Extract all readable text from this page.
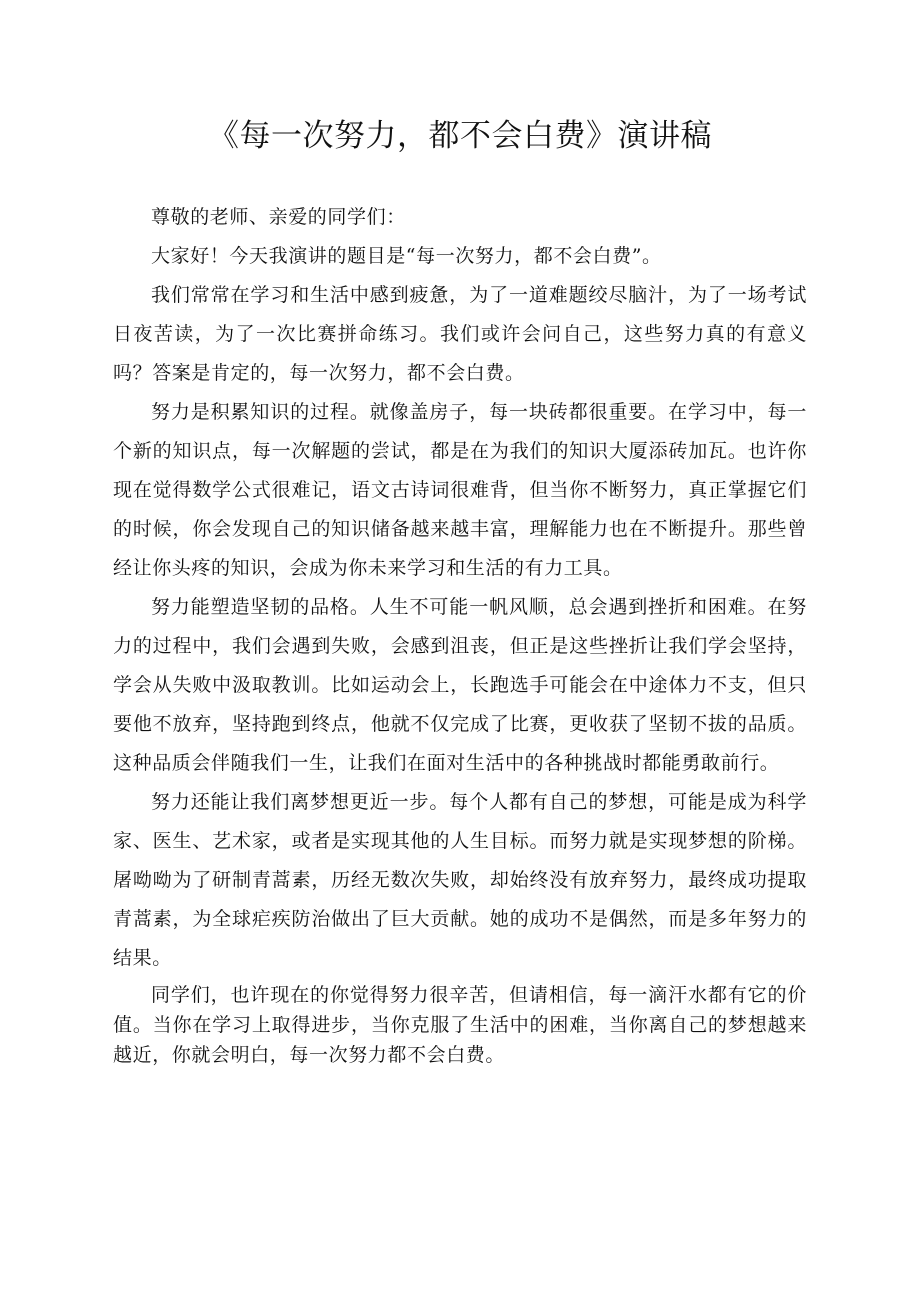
《每一次努力，都不会白费》演讲稿

尊敬的老师、亲爱的同学们：

大家好！今天我演讲的题目是“每一次努力，都不会白费”。

我们常常在学习和生活中感到疲惫，为了一道难题绞尽脑汁，为了一场考试日夜苦读，为了一次比赛拼命练习。我们或许会问自己，这些努力真的有意义吗？答案是肯定的，每一次努力，都不会白费。

努力是积累知识的过程。就像盖房子，每一块砖都很重要。在学习中，每一个新的知识点，每一次解题的尝试，都是在为我们的知识大厦添砖加瓦。也许你现在觉得数学公式很难记，语文古诗词很难背，但当你不断努力，真正掌握它们的时候，你会发现自己的知识储备越来越丰富，理解能力也在不断提升。那些曾经让你头疼的知识，会成为你未来学习和生活的有力工具。

努力能塑造坚韧的品格。人生不可能一帆风顺，总会遇到挫折和困难。在努力的过程中，我们会遇到失败，会感到沮丧，但正是这些挫折让我们学会坚持，学会从失败中汲取教训。比如运动会上，长跑选手可能会在中途体力不支，但只要他不放弃，坚持跑到终点，他就不仅完成了比赛，更收获了坚韧不拔的品质。这种品质会伴随我们一生，让我们在面对生活中的各种挑战时都能勇敢前行。

努力还能让我们离梦想更近一步。每个人都有自己的梦想，可能是成为科学家、医生、艺术家，或者是实现其他的人生目标。而努力就是实现梦想的阶梯。屠呦呦为了研制青蒿素，历经无数次失败，却始终没有放弃努力，最终成功提取青蒿素，为全球疟疾防治做出了巨大贡献。她的成功不是偶然，而是多年努力的结果。

同学们，也许现在的你觉得努力很辛苦，但请相信，每一滴汗水都有它的价值。当你在学习上取得进步，当你克服了生活中的困难，当你离自己的梦想越来越近，你就会明白，每一次努力都不会白费。
